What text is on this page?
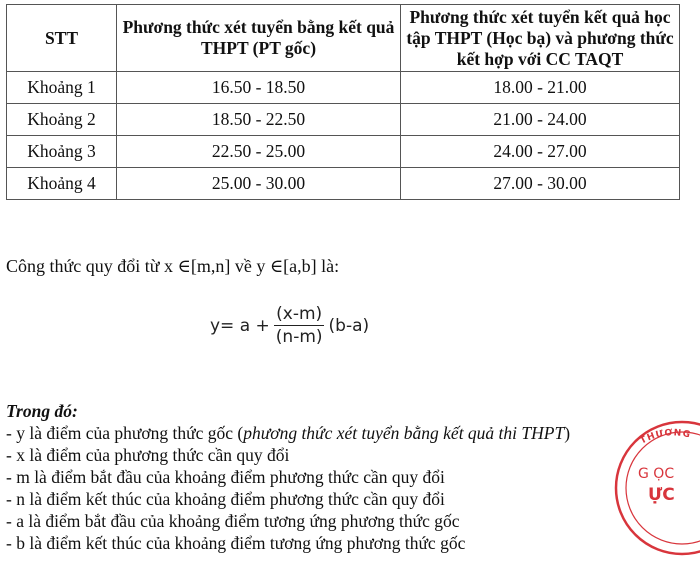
STT	Phương thức xét tuyển bằng kết quả THPT (PT gốc)	Phương thức xét tuyển kết quả học tập THPT (Học bạ) và phương thức kết hợp với CC TAQT
Khoảng 1	16.50 - 18.50	18.00 - 21.00
Khoảng 2	18.50 - 22.50	21.00 - 24.00
Khoảng 3	22.50 - 25.00	24.00 - 27.00
Khoảng 4	25.00 - 30.00	27.00 - 30.00
Công thức quy đổi từ x ∈[m,n] về y ∈[a,b] là:
$y= a + \frac{(x-m)}{(n-m)} (b-a)$
Trong đó:
- y là điểm của phương thức gốc (phương thức xét tuyển bằng kết quả thi THPT)
- x là điểm của phương thức cần quy đổi
- m là điểm bắt đầu của khoảng điểm phương thức cần quy đổi
- n là điểm kết thúc của khoảng điểm phương thức cần quy đổi
- a là điểm bắt đầu của khoảng điểm tương ứng phương thức gốc
- b là điểm kết thúc của khoảng điểm tương ứng phương thức gốc
THƯƠNG
G ỌC
ỰC
